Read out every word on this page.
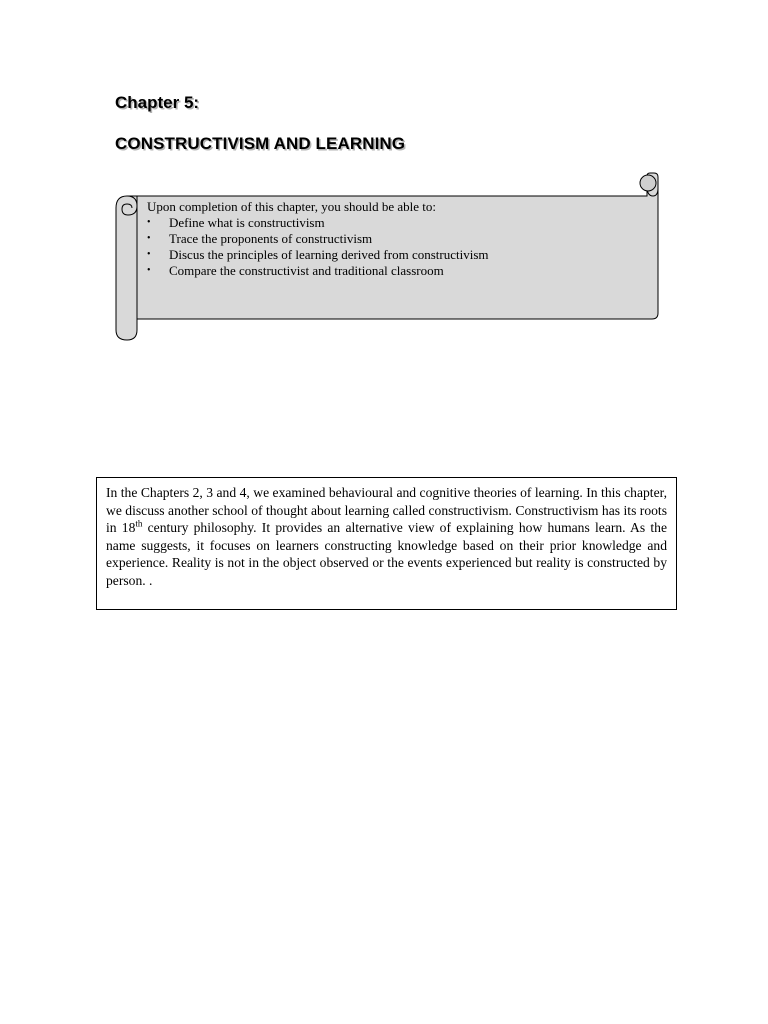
Chapter 5:
CONSTRUCTIVISM AND LEARNING

Upon completion of this chapter, you should be able to:

• Define what is constructivism
• Trace the proponents of constructivism
• Discus the principles of learning derived from constructivism
• Compare the constructivist and traditional classroom

In the Chapters 2, 3 and 4, we examined behavioural and cognitive theories of learning. In this chapter, we discuss another school of thought about learning called constructivism. Constructivism has its roots in 18th century philosophy. It provides an alternative view of explaining how humans learn. As the name suggests, it focuses on learners constructing knowledge based on their prior knowledge and experience. Reality is not in the object observed or the events experienced but reality is constructed by person. .
